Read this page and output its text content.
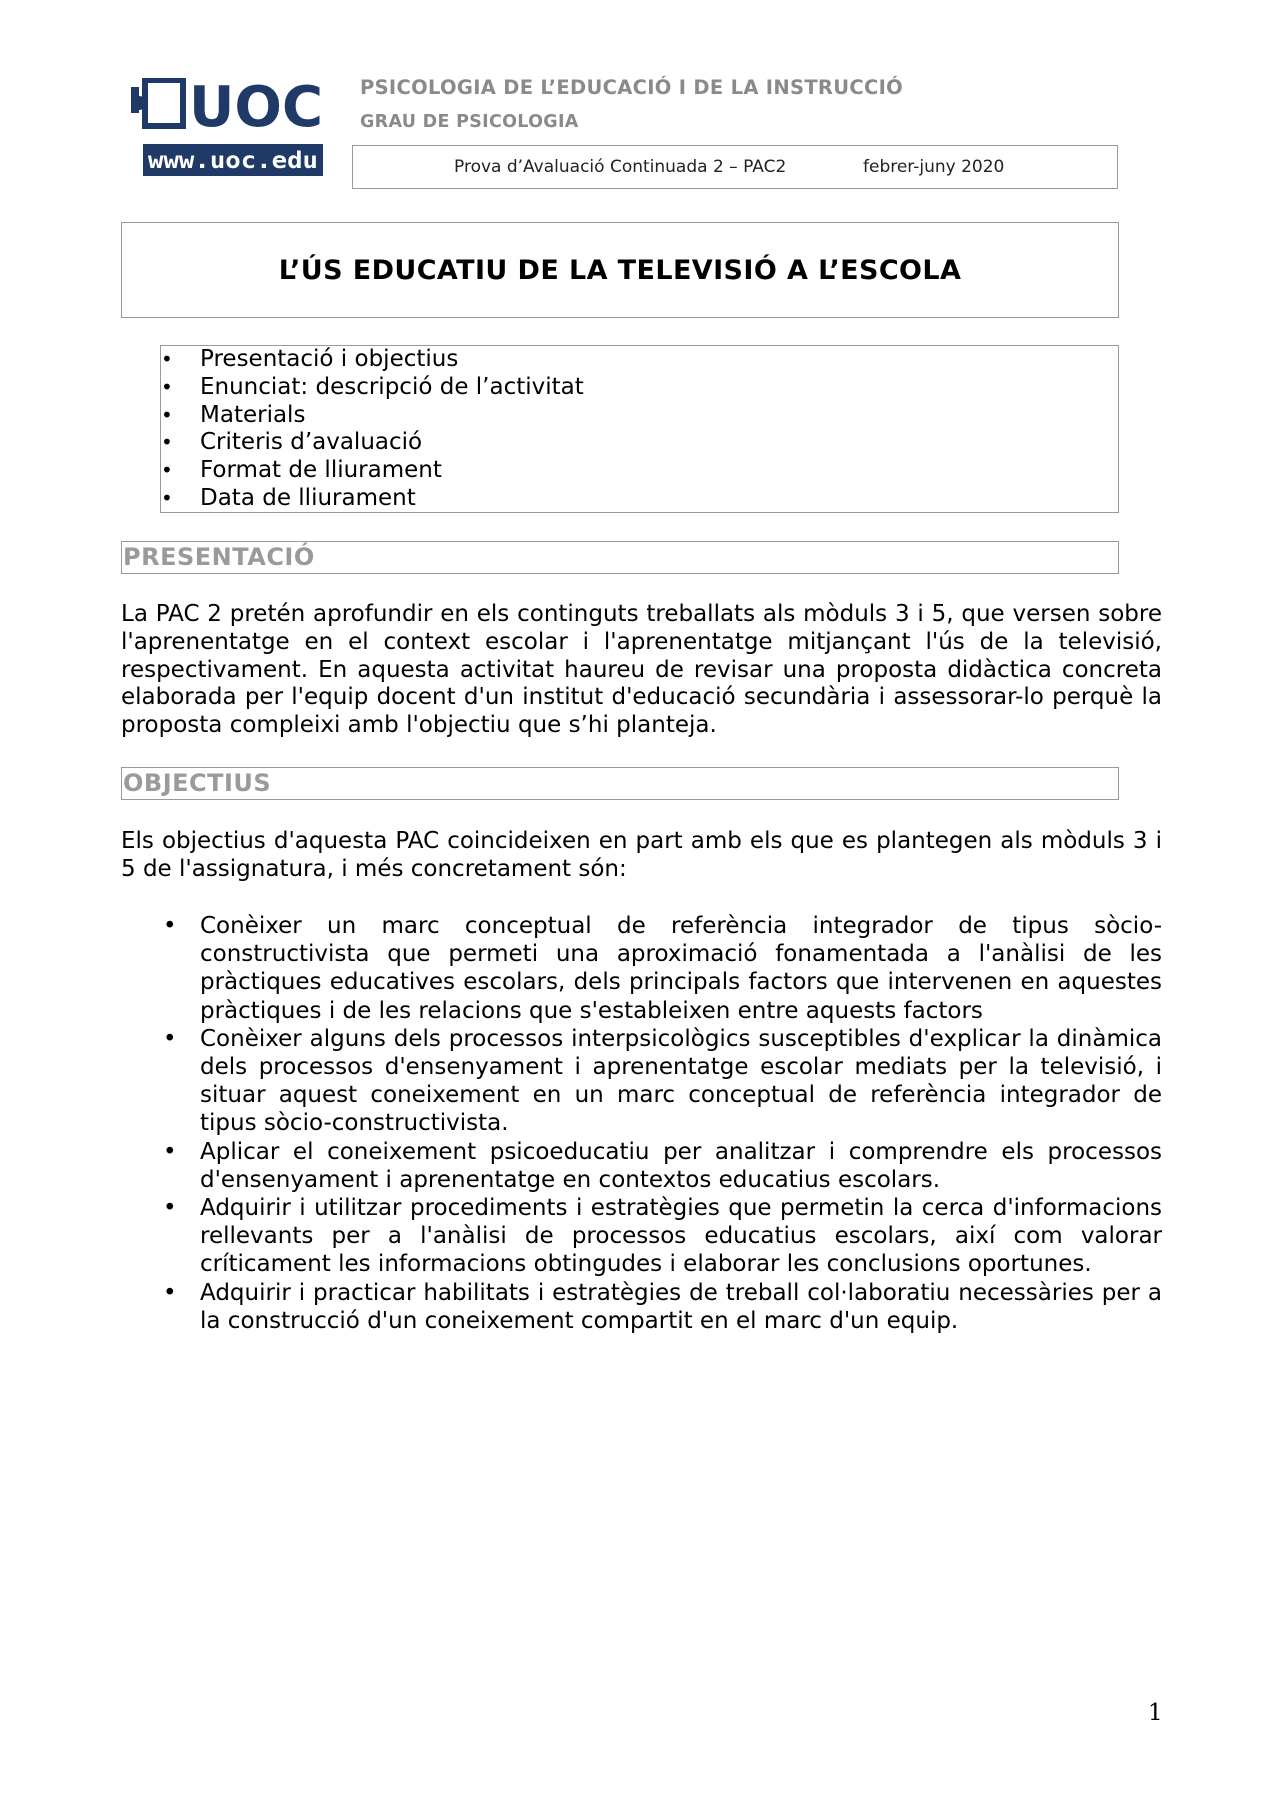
UOC
www.uoc.edu
PSICOLOGIA DE L’EDUCACIÓ I DE LA INSTRUCCIÓ
GRAU DE PSICOLOGIA
Prova d’Avaluació Continuada 2 – PAC2	febrer-juny 2020
L’ÚS EDUCATIU DE LA TELEVISIÓ A L’ESCOLA
• Presentació i objectius
• Enunciat: descripció de l’activitat
• Materials
• Criteris d’avaluació
• Format de lliurament
• Data de lliurament
PRESENTACIÓ

La PAC 2 pretén aprofundir en els continguts treballats als mòduls 3 i 5, que versen sobre l'aprenentatge en el context escolar i l'aprenentatge mitjançant l'ús de la televisió, respectivament. En aquesta activitat haureu de revisar una proposta didàctica concreta elaborada per l'equip docent d'un institut d'educació secundària i assessorar-lo perquè la proposta compleixi amb l'objectiu que s’hi planteja.

OBJECTIUS

Els objectius d'aquesta PAC coincideixen en part amb els que es plantegen als mòduls 3 i 5 de l'assignatura, i més concretament són:

• Conèixer un marc conceptual de referència integrador de tipus sòcio-constructivista que permeti una aproximació fonamentada a l'anàlisi de les pràctiques educatives escolars, dels principals factors que intervenen en aquestes pràctiques i de les relacions que s'estableixen entre aquests factors
• Conèixer alguns dels processos interpsicològics susceptibles d'explicar la dinàmica dels processos d'ensenyament i aprenentatge escolar mediats per la televisió, i situar aquest coneixement en un marc conceptual de referència integrador de tipus sòcio-constructivista.
• Aplicar el coneixement psicoeducatiu per analitzar i comprendre els processos d'ensenyament i aprenentatge en contextos educatius escolars.
• Adquirir i utilitzar procediments i estratègies que permetin la cerca d'informacions rellevants per a l'anàlisi de processos educatius escolars, així com valorar críticament les informacions obtingudes i elaborar les conclusions oportunes.
• Adquirir i practicar habilitats i estratègies de treball col·laboratiu necessàries per a la construcció d'un coneixement compartit en el marc d'un equip.
1
